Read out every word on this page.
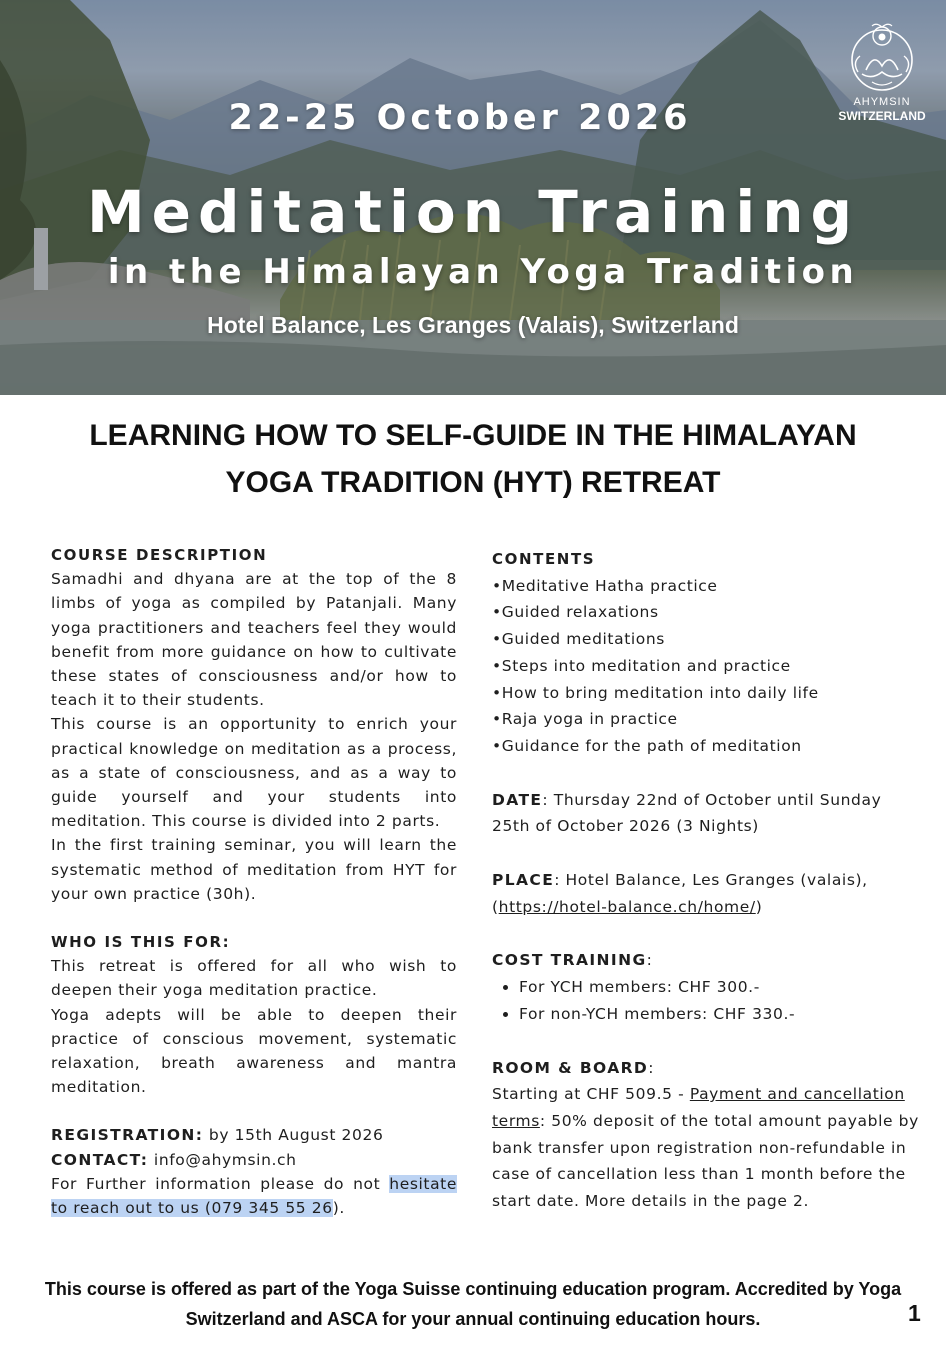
22-25 October 2026
Meditation Training
in the Himalayan Yoga Tradition
Hotel Balance, Les Granges (Valais), Switzerland
AHYMSIN
SWITZERLAND
LEARNING HOW TO SELF-GUIDE IN THE HIMALAYAN
YOGA TRADITION (HYT) RETREAT
COURSE DESCRIPTION

Samadhi and dhyana are at the top of the 8 limbs of yoga as compiled by Patanjali. Many yoga practitioners and teachers feel they would benefit from more guidance on how to cultivate these states of consciousness and/or how to teach it to their students.

This course is an opportunity to enrich your practical knowledge on meditation as a process, as a state of consciousness, and as a way to guide yourself and your students into meditation. This course is divided into 2 parts.

In the first training seminar, you will learn the systematic method of meditation from HYT for your own practice (30h).

WHO IS THIS FOR:

This retreat is offered for all who wish to deepen their yoga meditation practice.

Yoga adepts will be able to deepen their practice of conscious movement, systematic relaxation, breath awareness and mantra meditation.

REGISTRATION: by 15th August 2026

CONTACT: info@ahymsin.ch

For Further information please do not hesitate to reach out to us (079 345 55 26).

CONTENTS
• Meditative Hatha practice
• Guided relaxations
• Guided meditations
• Steps into meditation and practice
• How to bring meditation into daily life
• Raja yoga in practice
• Guidance for the path of meditation
DATE: Thursday 22nd of October until Sunday 25th of October 2026 (3 Nights)
PLACE: Hotel Balance, Les Granges (valais),
(https://hotel-balance.ch/home/)
COST TRAINING:
• For YCH members: CHF 300.-
• For non-YCH members: CHF 330.-
ROOM & BOARD:
Starting at CHF 509.5 - Payment and cancellation terms: 50% deposit of the total amount payable by bank transfer upon registration non-refundable in case of cancellation less than 1 month before the start date. More details in the page 2.
This course is offered as part of the Yoga Suisse continuing education program. Accredited by Yoga
Switzerland and ASCA for your annual continuing education hours.	1
